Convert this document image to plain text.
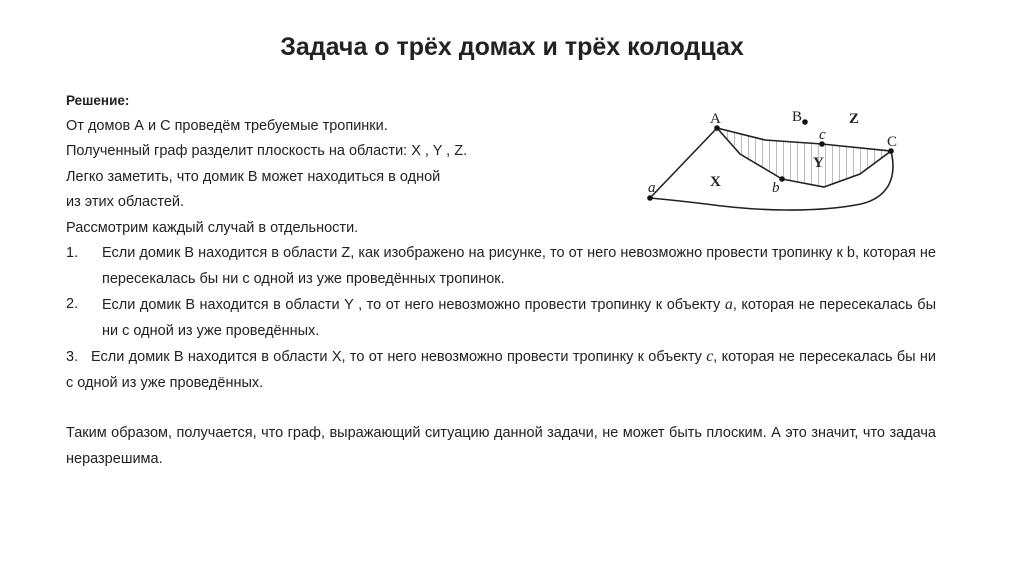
Задача о трёх домах и трёх колодцах
Решение:
От домов А и С проведём требуемые тропинки.
Полученный граф разделит плоскость на области: X , Y , Z.
Легко заметить, что домик В может находиться в одной
из этих областей.
Рассмотрим каждый случай в отдельности.
1.	Если домик В находится в области Z, как изображено на рисунке, то от него невозможно провести тропинку к b, которая не пересекалась бы ни с одной из уже проведённых тропинок.
2.	Если домик В находится в области Y , то от него невозможно провести тропинку к объекту a, которая не пересекалась бы ни с одной из уже проведённых.
3. Если домик В находится в области X, то от него невозможно провести тропинку к объекту c, которая не пересекалась бы ни с одной из уже проведённых.
Таким образом, получается, что граф, выражающий ситуацию данной задачи, не может быть плоским. А это значит, что задача неразрешима.
A	B
C
a	b
c
X
Y
Z
